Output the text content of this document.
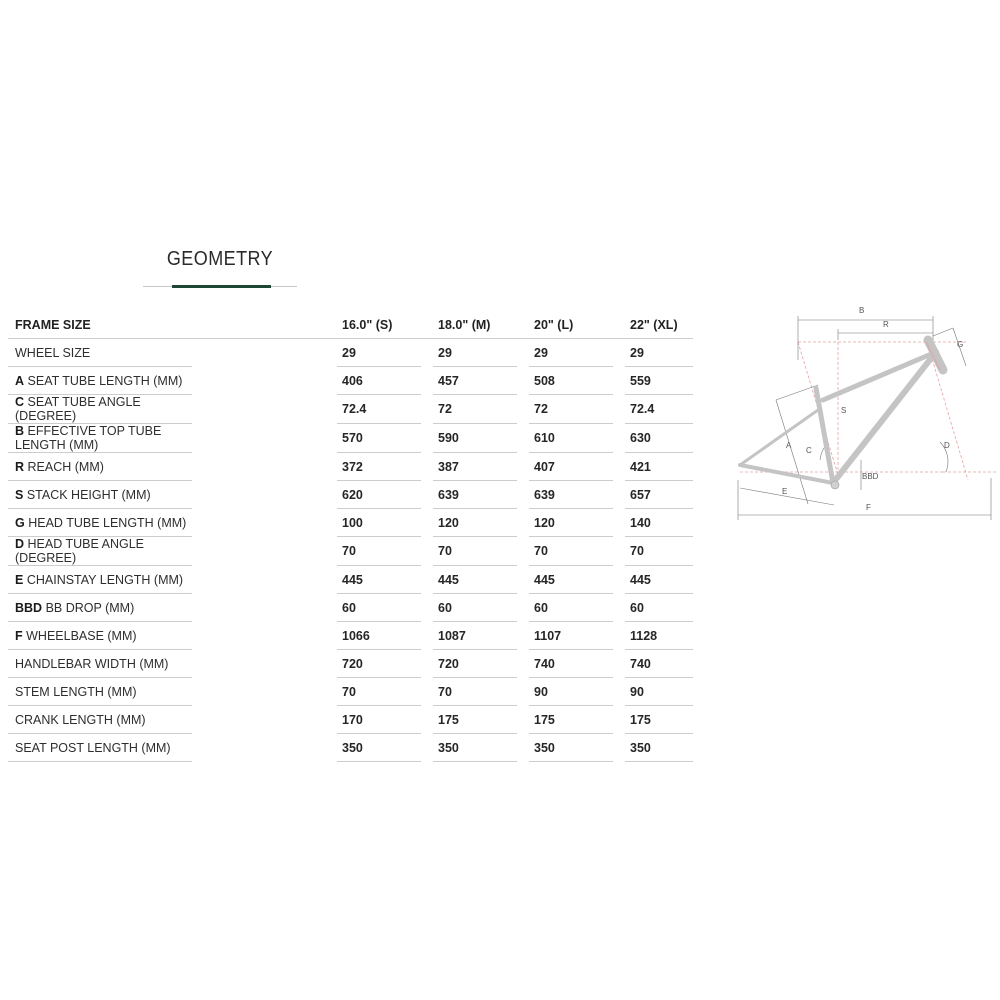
GEOMETRY
FRAME SIZE		16.0" (S)		18.0" (M)		20" (L)		22" (XL)
WHEEL SIZE		29		29		29		29
A SEAT TUBE LENGTH (MM)		406		457		508		559
C SEAT TUBE ANGLE (DEGREE)		72.4		72		72		72.4
B EFFECTIVE TOP TUBE LENGTH (MM)		570		590		610		630
R REACH (MM)		372		387		407		421
S STACK HEIGHT (MM)		620		639		639		657
G HEAD TUBE LENGTH (MM)		100		120		120		140
D HEAD TUBE ANGLE (DEGREE)		70		70		70		70
E CHAINSTAY LENGTH (MM)		445		445		445		445
BBD BB DROP (MM)		60		60		60		60
F WHEELBASE (MM)		1066		1087		1107		1128
HANDLEBAR WIDTH (MM)		720		720		740		740
STEM LENGTH (MM)		70		70		90		90
CRANK LENGTH (MM)		170		175		175		175
SEAT POST LENGTH (MM)		350		350		350		350
B
R
G
S
A
C
D
BBD
E
F
